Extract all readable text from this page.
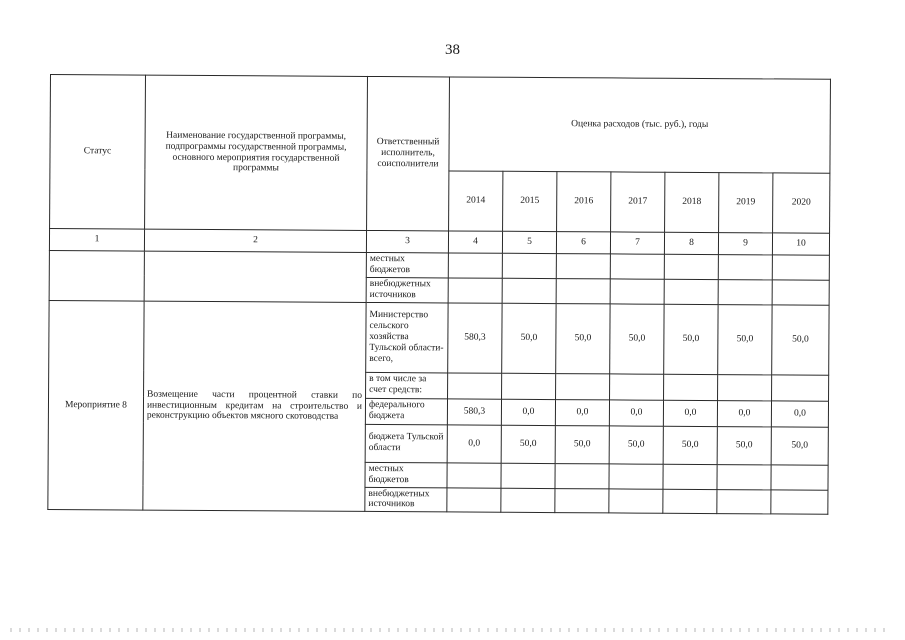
38
Статус	Наименование государственной программы, подпрограммы государственной программы, основного мероприятия государственной программы	Ответственный исполнитель, соисполнители	Оценка расходов (тыс. руб.), годы						
			2014	2015	2016	2017	2018	2019	2020
1	2	3	4	5	6	7	8	9	10
		местных бюджетов							
		внебюджетных источников							
Мероприятие 8	Возмещение части процентной ставки по инвестиционным кредитам на строительство и реконструкцию объектов мясного скотоводства	Министерство сельского хозяйства Тульской области- всего,	580,3	50,0	50,0	50,0	50,0	50,0	50,0
		в том числе за счет средств:							
		федерального бюджета	580,3	0,0	0,0	0,0	0,0	0,0	0,0
		бюджета Тульской области	0,0	50,0	50,0	50,0	50,0	50,0	50,0
		местных бюджетов							
		внебюджетных источников							
